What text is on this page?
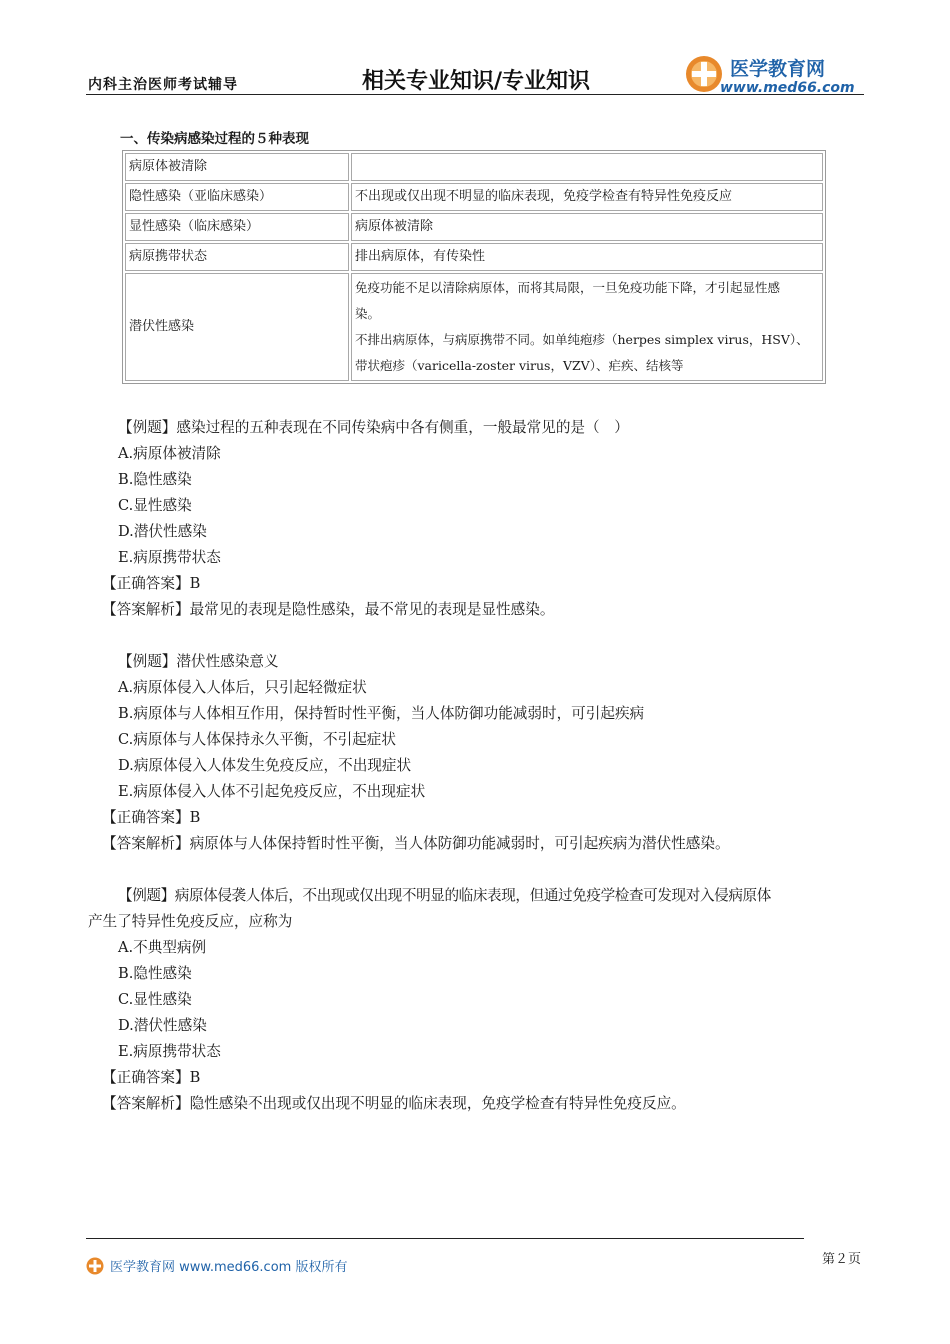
内科主治医师考试辅导	相关专业知识/专业知识	医学教育网
www.med66.com
一、传染病感染过程的５种表现
病原体被清除	
隐性感染（亚临床感染）	不出现或仅出现不明显的临床表现，免疫学检查有特异性免疫反应
显性感染（临床感染）	病原体被清除
病原携带状态	排出病原体，有传染性
潜伏性感染	免疫功能不足以清除病原体，而将其局限，一旦免疫功能下降，才引起显性感
染。
不排出病原体，与病原携带不同。如单纯疱疹（herpes simplex virus，HSV）、
带状疱疹（varicella-zoster virus，VZV）、疟疾、结核等
【例题】感染过程的五种表现在不同传染病中各有侧重，一般最常见的是（　）
A.病原体被清除
B.隐性感染
C.显性感染
D.潜伏性感染
E.病原携带状态
【正确答案】B
【答案解析】最常见的表现是隐性感染，最不常见的表现是显性感染。
【例题】潜伏性感染意义
A.病原体侵入人体后，只引起轻微症状
B.病原体与人体相互作用，保持暂时性平衡，当人体防御功能减弱时，可引起疾病
C.病原体与人体保持永久平衡，不引起症状
D.病原体侵入人体发生免疫反应，不出现症状
E.病原体侵入人体不引起免疫反应，不出现症状
【正确答案】B
【答案解析】病原体与人体保持暂时性平衡，当人体防御功能减弱时，可引起疾病为潜伏性感染。
【例题】病原体侵袭人体后，不出现或仅出现不明显的临床表现，但通过免疫学检查可发现对入侵病原体
产生了特异性免疫反应，应称为
A.不典型病例
B.隐性感染
C.显性感染
D.潜伏性感染
E.病原携带状态
【正确答案】B
【答案解析】隐性感染不出现或仅出现不明显的临床表现，免疫学检查有特异性免疫反应。
医学教育网 www.med66.com 版权所有
第２页
